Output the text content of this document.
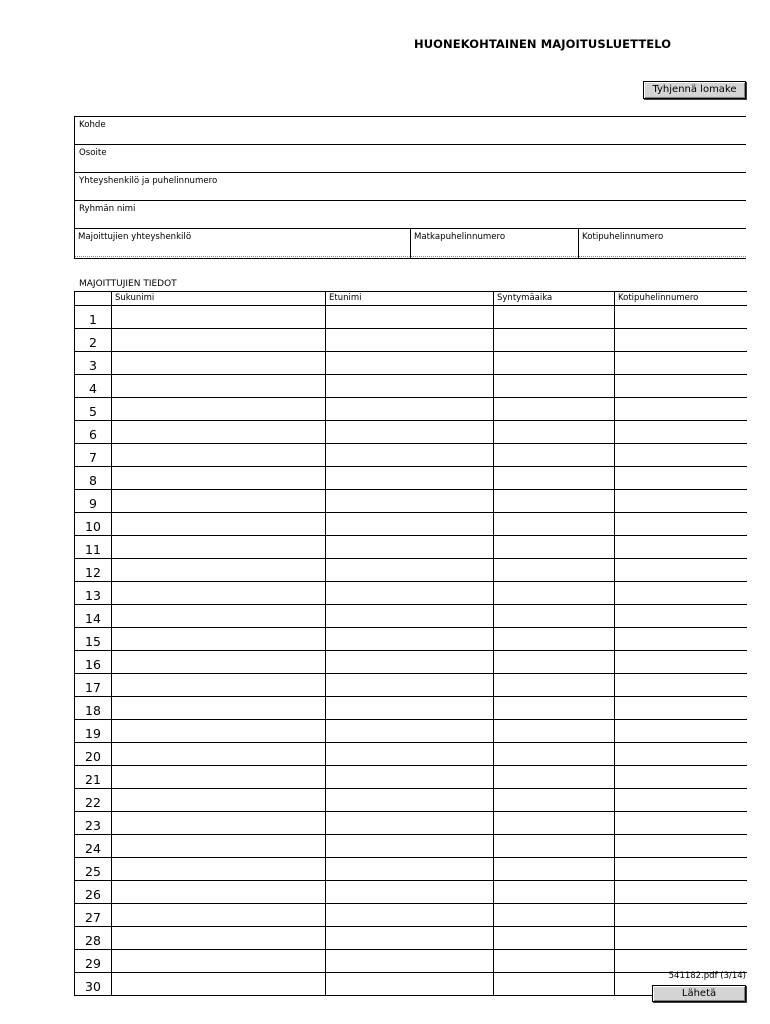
HUONEKOHTAINEN MAJOITUSLUETTELO
Tyhjennä lomake
Kohde
Osoite
Yhteyshenkilö ja puhelinnumero
Ryhmän nimi
Majoittujien yhteyshenkilö	Matkapuhelinnumero	Kotipuhelinnumero
MAJOITTUJIEN TIEDOT
	Sukunimi	Etunimi	Syntymäaika	Kotipuhelinnumero
1				
2				
3				
4				
5				
6				
7				
8				
9				
10				
11				
12				
13				
14				
15				
16				
17				
18				
19				
20				
21				
22				
23				
24				
25				
26				
27				
28				
29				
30				
541182.pdf (3/14)
Lähetä
